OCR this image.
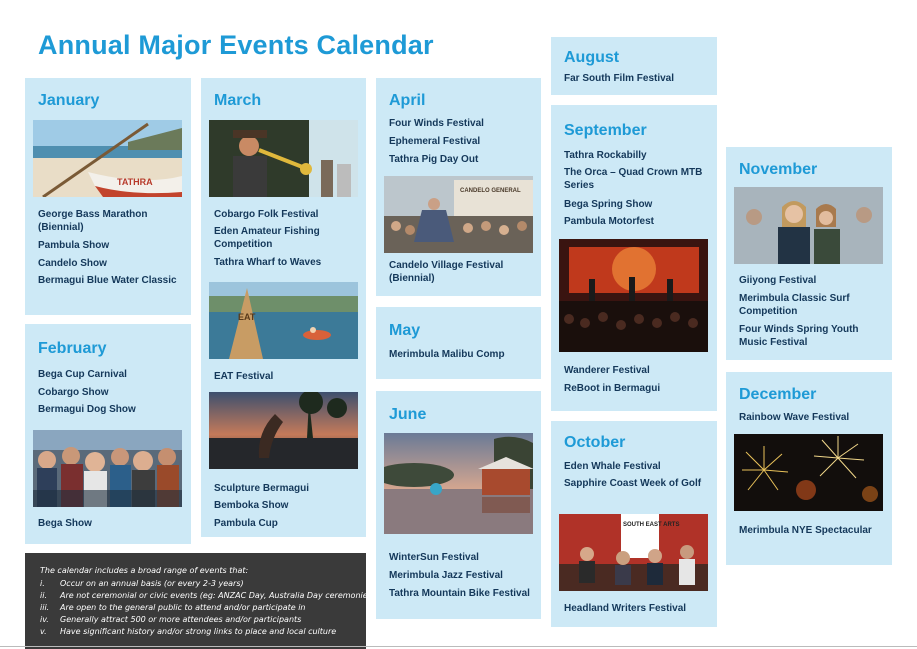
Annual Major Events Calendar
January
TATHRA
George Bass Marathon (Biennial)
Pambula Show
Candelo Show
Bermagui Blue Water Classic
February
Bega Cup Carnival
Cobargo Show
Bermagui Dog Show
Bega Show
March
Cobargo Folk Festival
Eden Amateur Fishing Competition
Tathra Wharf to Waves
EAT
EAT Festival
Sculpture Bermagui
Bemboka Show
Pambula Cup
April
Four Winds Festival
Ephemeral Festival
Tathra Pig Day Out
CANDELO GENERAL
Candelo Village Festival (Biennial)
May
Merimbula Malibu Comp
June
WinterSun Festival
Merimbula Jazz Festival
Tathra Mountain Bike Festival
August
Far South Film Festival
September
Tathra Rockabilly
The Orca – Quad Crown MTB Series
Bega Spring Show
Pambula Motorfest
Wanderer Festival
ReBoot in Bermagui
October
Eden Whale Festival
Sapphire Coast Week of Golf
SOUTH EAST ARTS
Headland Writers Festival
November
Giiyong Festival
Merimbula Classic Surf Competition
Four Winds Spring Youth Music Festival
December
Rainbow Wave Festival
Merimbula NYE Spectacular
The calendar includes a broad range of events that:
i. Occur on an annual basis (or every 2-3 years)
ii. Are not ceremonial or civic events (eg: ANZAC Day, Australia Day ceremonies)
iii. Are open to the general public to attend and/or participate in
iv. Generally attract 500 or more attendees and/or participants
v. Have significant history and/or strong links to place and local culture
